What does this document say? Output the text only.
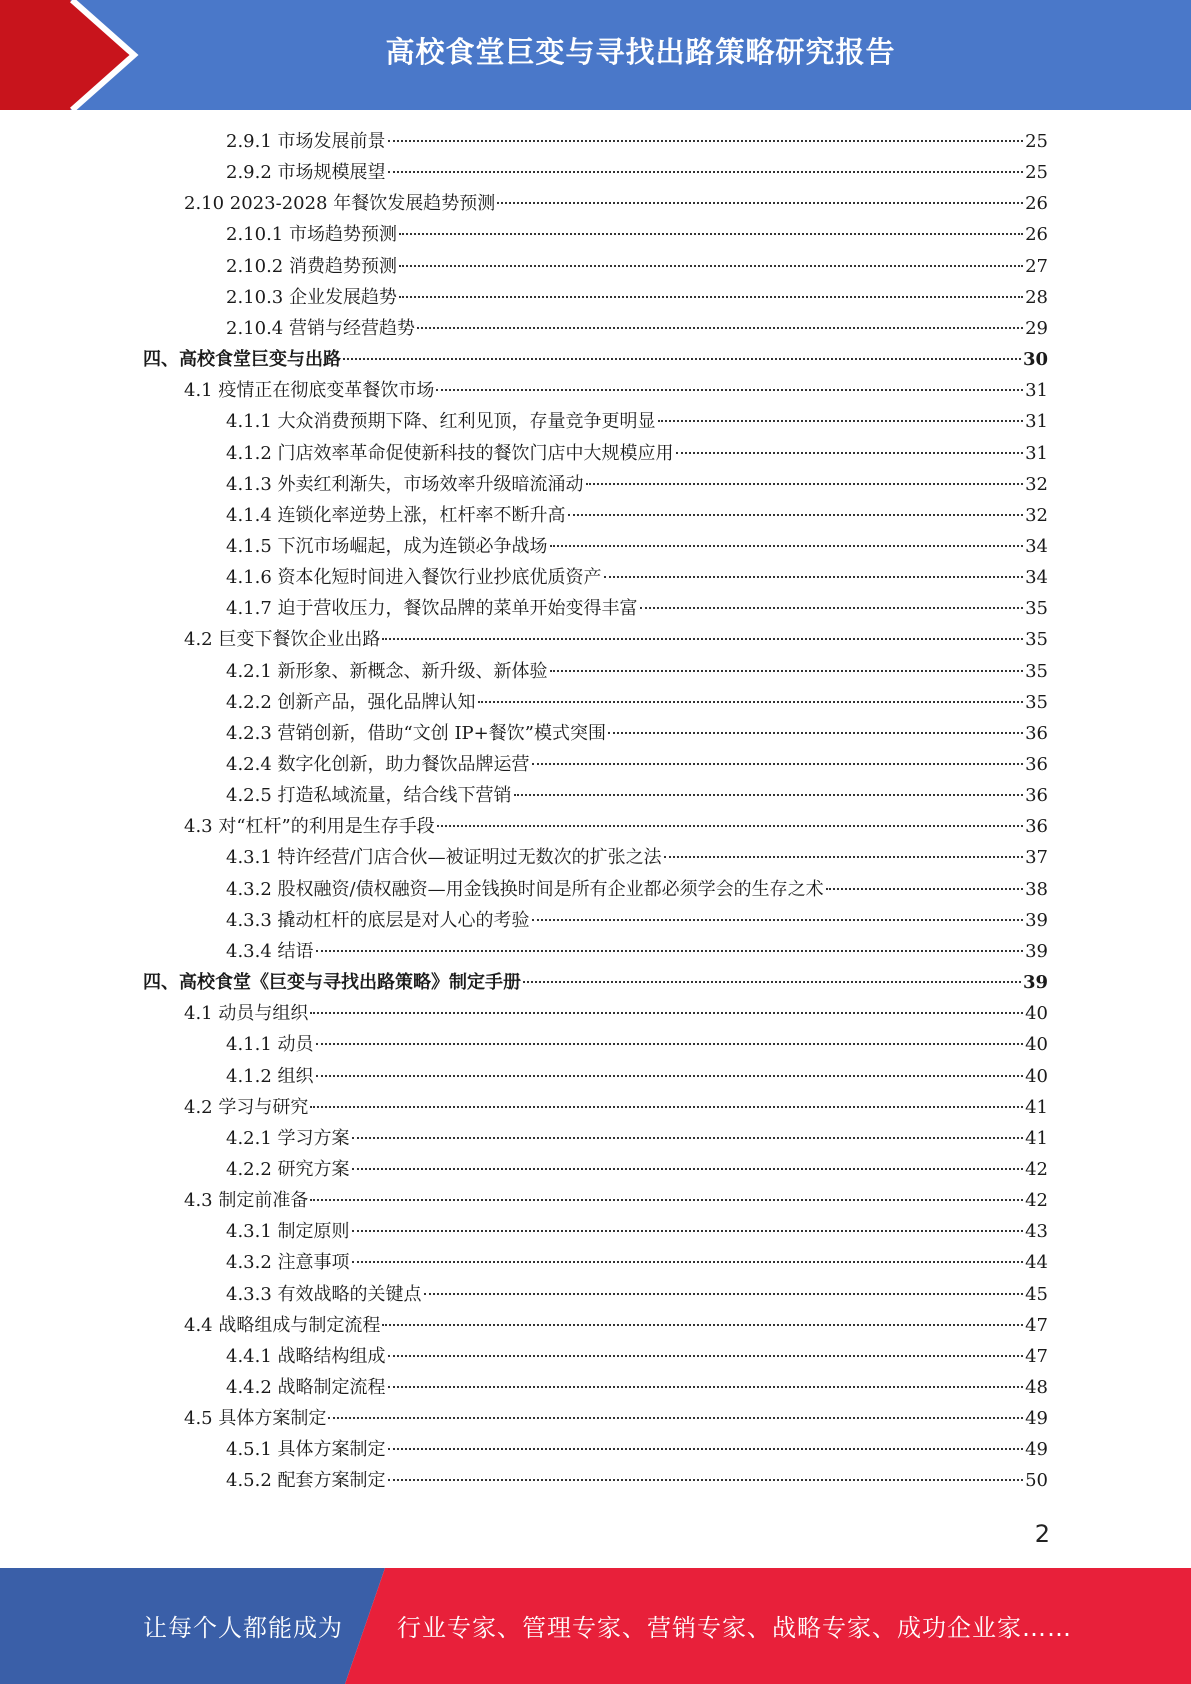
高校食堂巨变与寻找出路策略研究报告
2.9.1 市场发展前景	25
2.9.2 市场规模展望	25
2.10 2023-2028 年餐饮发展趋势预测	26
2.10.1 市场趋势预测	26
2.10.2 消费趋势预测	27
2.10.3 企业发展趋势	28
2.10.4 营销与经营趋势	29
四、高校食堂巨变与出路	30
4.1 疫情正在彻底变革餐饮市场	31
4.1.1 大众消费预期下降、红利见顶，存量竞争更明显	31
4.1.2 门店效率革命促使新科技的餐饮门店中大规模应用	31
4.1.3 外卖红利渐失，市场效率升级暗流涌动	32
4.1.4 连锁化率逆势上涨，杠杆率不断升高	32
4.1.5 下沉市场崛起，成为连锁必争战场	34
4.1.6 资本化短时间进入餐饮行业抄底优质资产	34
4.1.7 迫于营收压力，餐饮品牌的菜单开始变得丰富	35
4.2 巨变下餐饮企业出路	35
4.2.1 新形象、新概念、新升级、新体验	35
4.2.2 创新产品，强化品牌认知	35
4.2.3 营销创新，借助“文创 IP+餐饮”模式突围	36
4.2.4 数字化创新，助力餐饮品牌运营	36
4.2.5 打造私域流量，结合线下营销	36
4.3 对“杠杆”的利用是生存手段	36
4.3.1 特许经营/门店合伙—被证明过无数次的扩张之法	37
4.3.2 股权融资/债权融资—用金钱换时间是所有企业都必须学会的生存之术	38
4.3.3 撬动杠杆的底层是对人心的考验	39
4.3.4 结语	39
四、高校食堂《巨变与寻找出路策略》制定手册	39
4.1 动员与组织	40
4.1.1 动员	40
4.1.2 组织	40
4.2 学习与研究	41
4.2.1 学习方案	41
4.2.2 研究方案	42
4.3 制定前准备	42
4.3.1 制定原则	43
4.3.2 注意事项	44
4.3.3 有效战略的关键点	45
4.4 战略组成与制定流程	47
4.4.1 战略结构组成	47
4.4.2 战略制定流程	48
4.5 具体方案制定	49
4.5.1 具体方案制定	49
4.5.2 配套方案制定	50
2
让每个人都能成为 行业专家、管理专家、营销专家、战略专家、成功企业家……
